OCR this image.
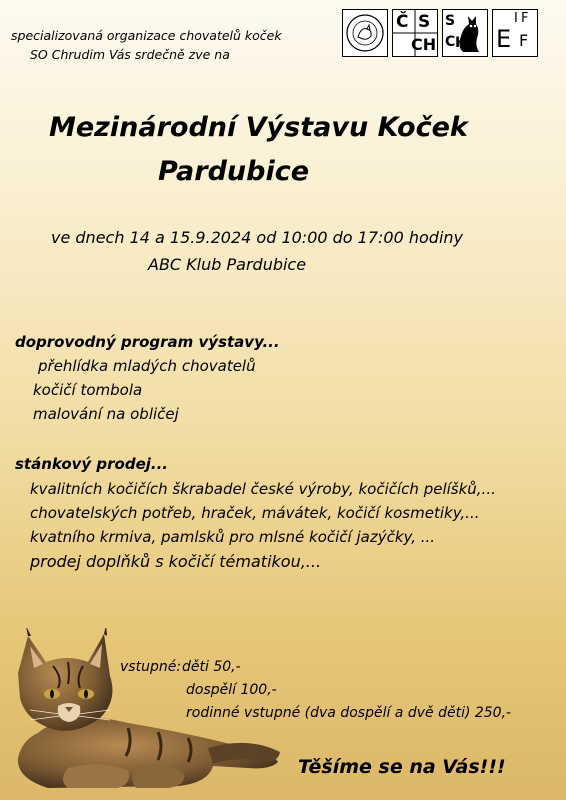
specializovaná organizace chovatelů koček
SO Chrudim Vás srdečně zve na
Č S
CH
S
C H E
I F
F
Mezinárodní Výstavu Koček
Pardubice
ve dnech 14 a 15.9.2024 od 10:00 do 17:00 hodiny
ABC Klub Pardubice
doprovodný program výstavy...
přehlídka mladých chovatelů
kočičí tombola
malování na obličej
stánkový prodej...
kvalitních kočičích škrabadel české výroby, kočičích pelíšků,...
chovatelských potřeb, hraček, mávátek, kočičí kosmetiky,...
kvatního krmiva, pamlsků pro mlsné kočičí jazýčky, ...
prodej doplňků s kočičí tématikou,...
vstupné: děti 50,-
dospělí 100,-
rodinné vstupné (dva dospělí a dvě děti) 250,-
Těšíme se na Vás!!!
